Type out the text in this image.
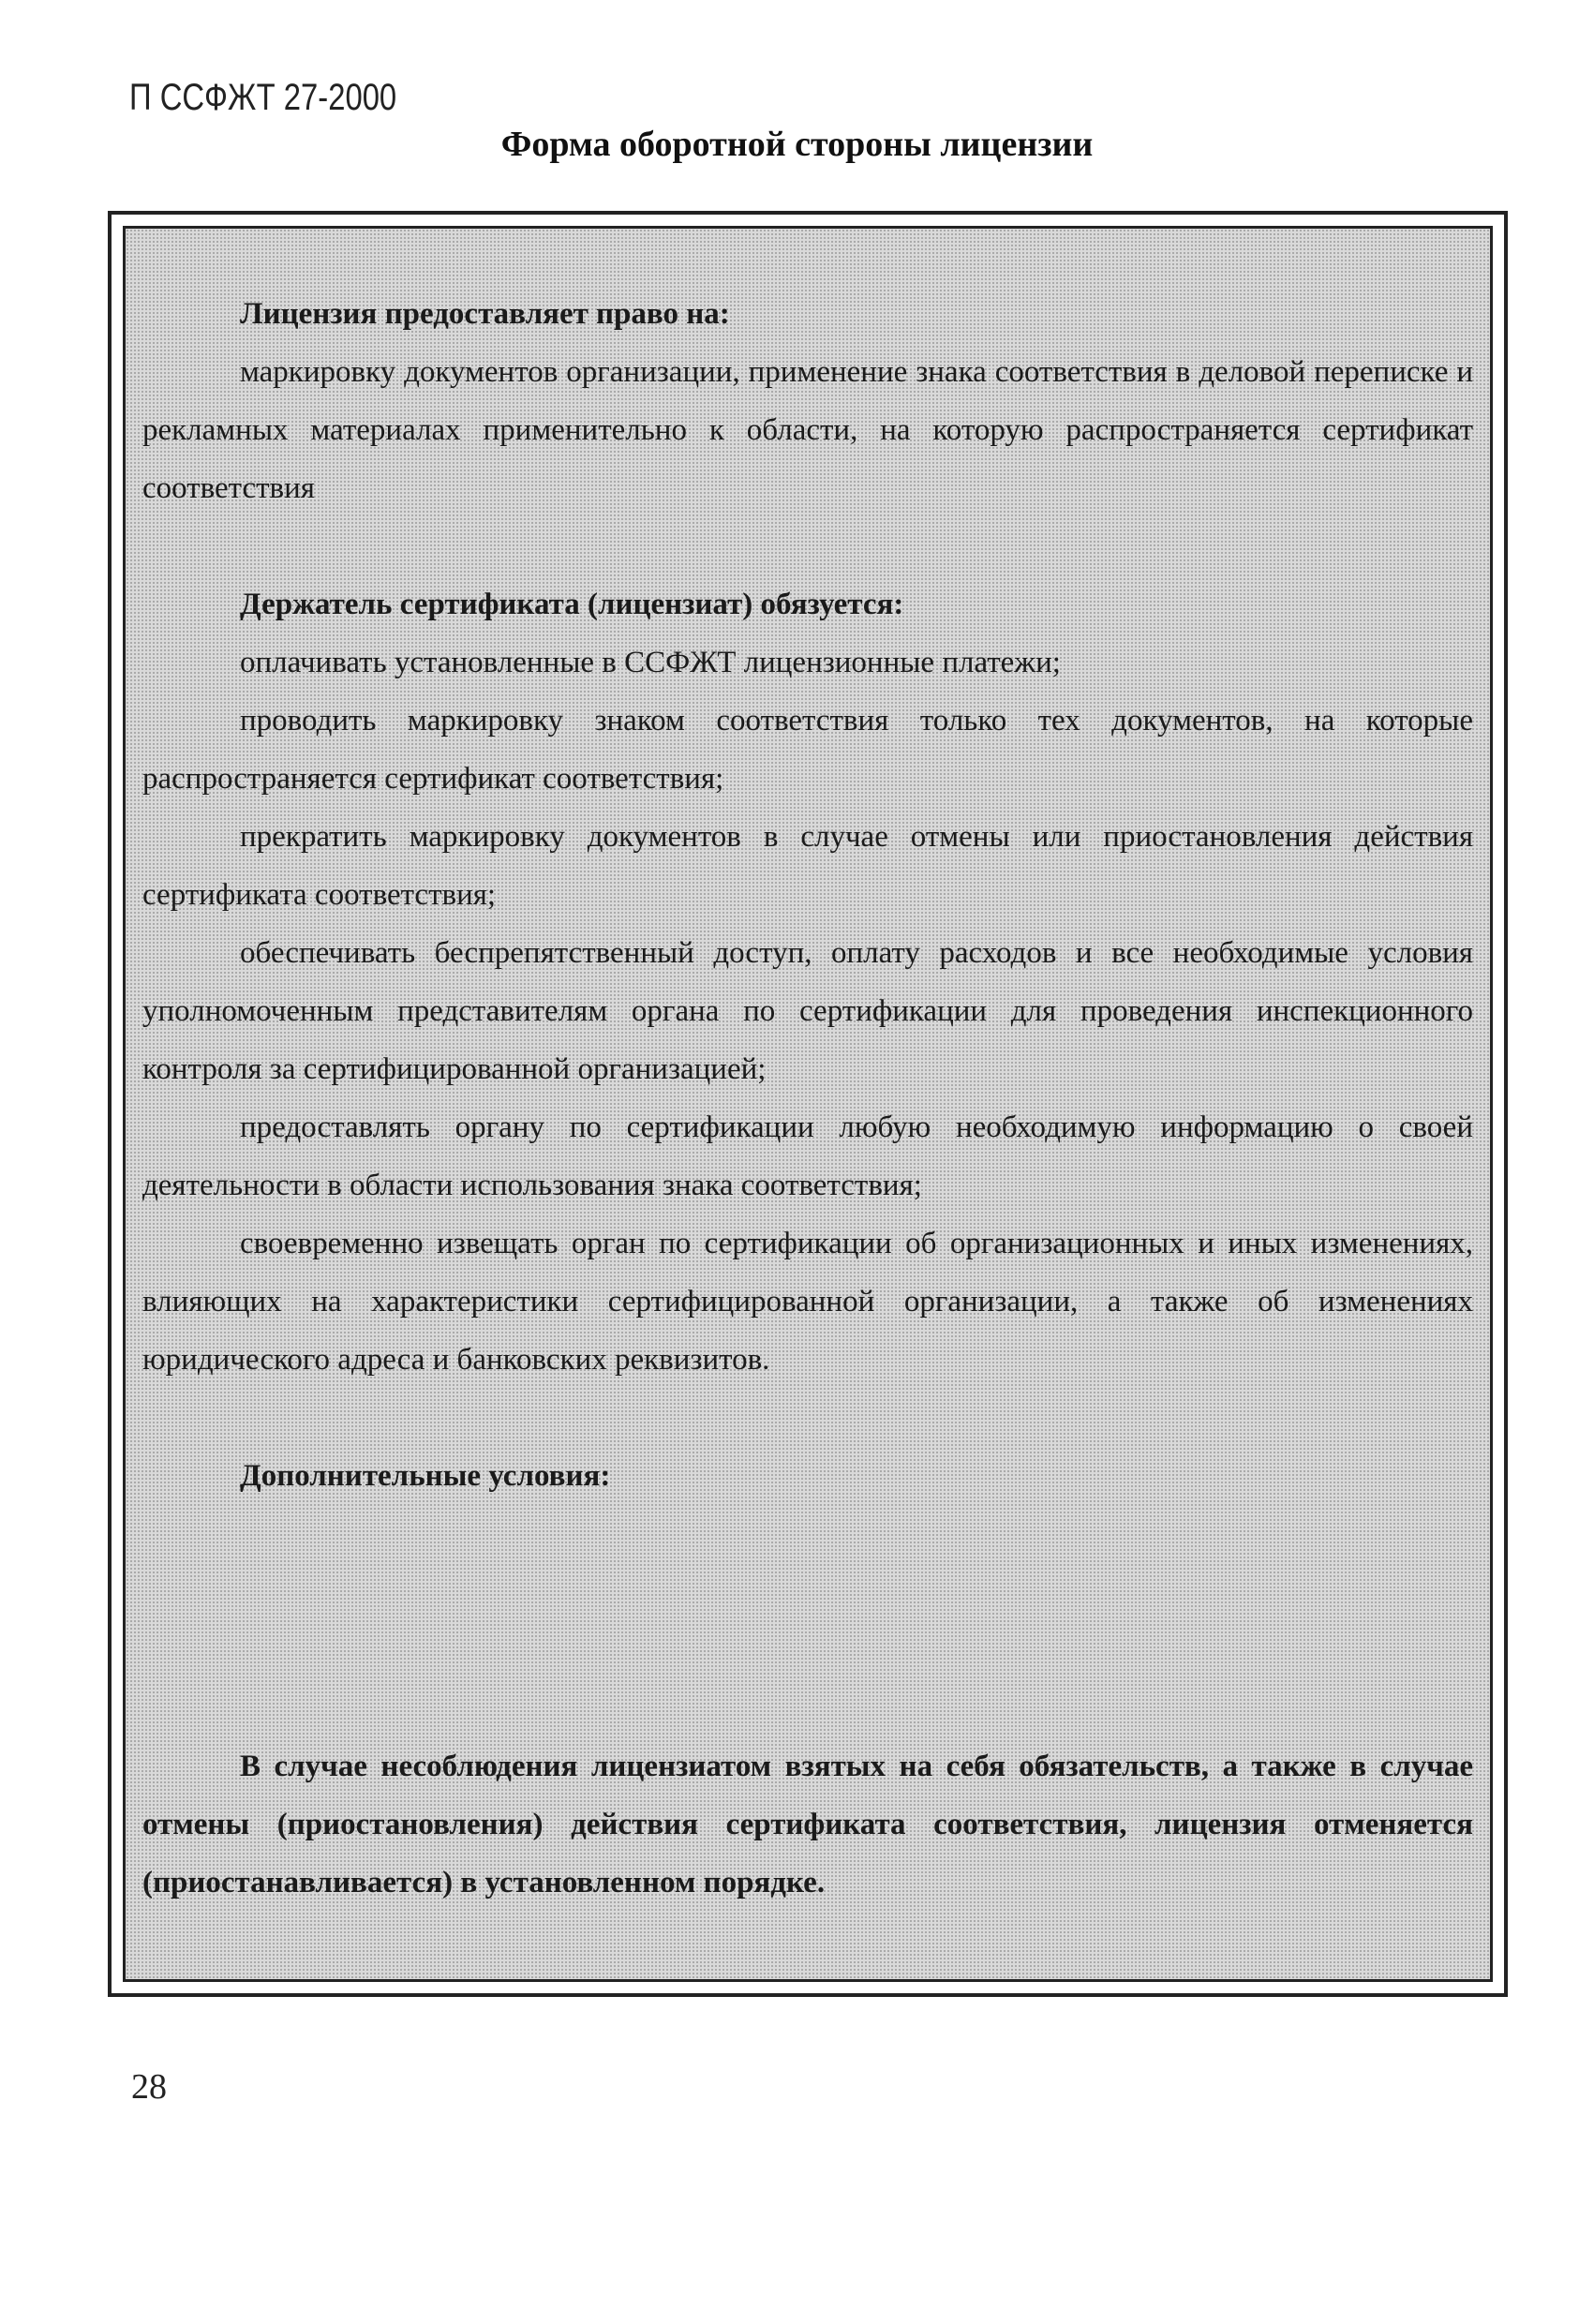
П ССФЖТ 27-2000
Форма оборотной стороны лицензии

Лицензия предоставляет право на:

маркировку документов организации, применение знака соответствия в деловой переписке и рекламных материалах применительно к области, на которую распространяется сертификат соответствия

Держатель сертификата (лицензиат) обязуется:

оплачивать установленные в ССФЖТ лицензионные платежи;

проводить маркировку знаком соответствия только тех документов, на которые распространяется сертификат соответствия;

прекратить маркировку документов в случае отмены или приостановления действия сертификата соответствия;

обеспечивать беспрепятственный доступ, оплату расходов и все необходимые условия уполномоченным представителям органа по сертификации для проведения инспекционного контроля за сертифицированной организацией;

предоставлять органу по сертификации любую необходимую информацию о своей деятельности в области использования знака соответствия;

своевременно извещать орган по сертификации об организационных и иных изменениях, влияющих на характеристики сертифицированной организации, а также об изменениях юридического адреса и банковских реквизитов.

Дополнительные условия:

В случае несоблюдения лицензиатом взятых на себя обязательств, а также в случае отмены (приостановления) действия сертификата соответствия, лицензия отменяется (приостанавливается) в установленном порядке.

28
